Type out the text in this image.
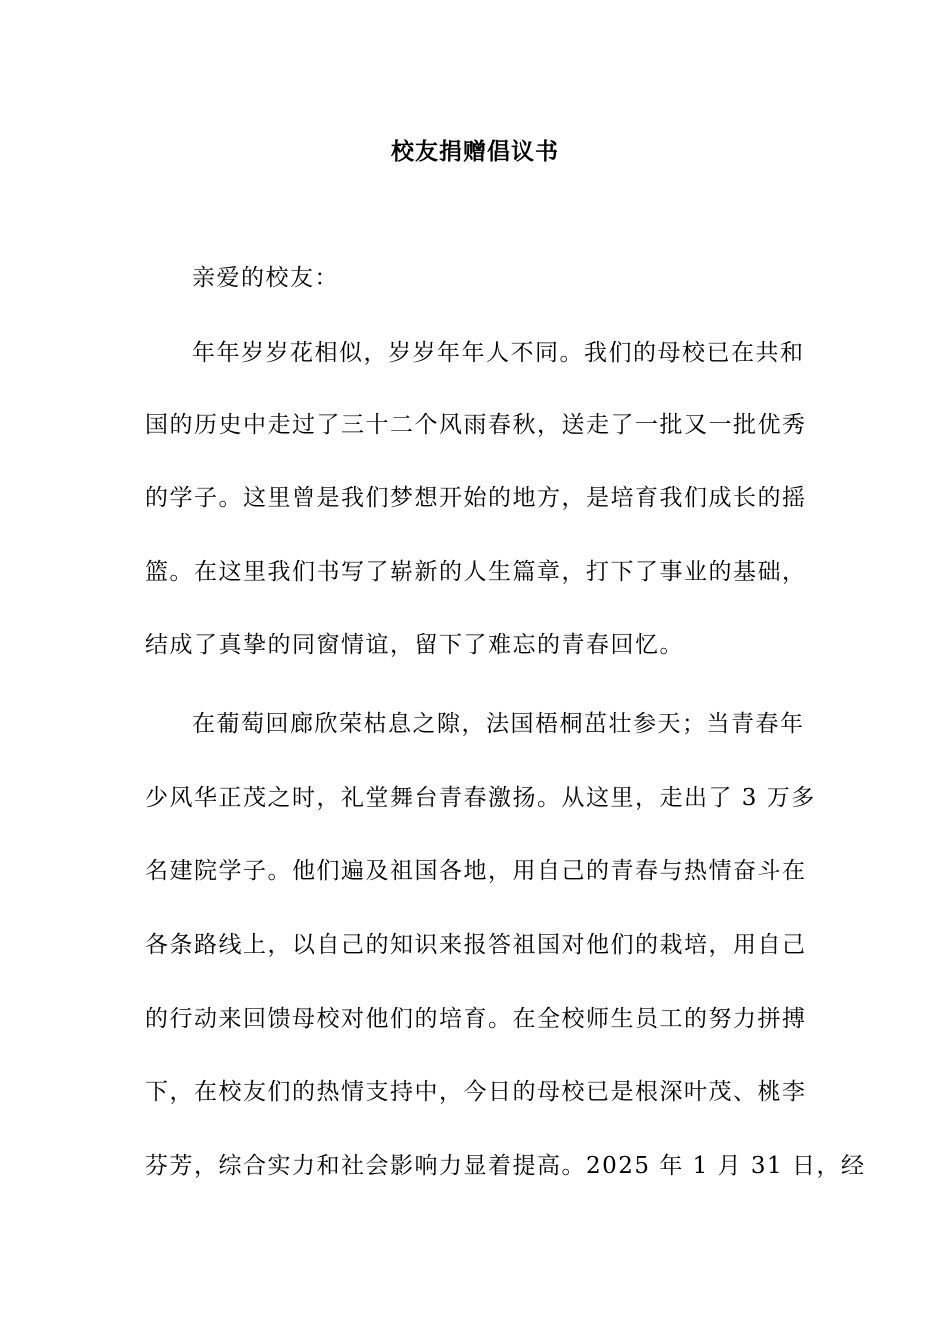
校友捐赠倡议书
亲爱的校友：
年年岁岁花相似，岁岁年年人不同。我们的母校已在共和
国的历史中走过了三十二个风雨春秋，送走了一批又一批优秀
的学子。这里曾是我们梦想开始的地方，是培育我们成长的摇
篮。在这里我们书写了崭新的人生篇章，打下了事业的基础，
结成了真挚的同窗情谊，留下了难忘的青春回忆。
在葡萄回廊欣荣枯息之隙，法国梧桐茁壮参天；当青春年
少风华正茂之时，礼堂舞台青春激扬。从这里，走出了 3 万多
名建院学子。他们遍及祖国各地，用自己的青春与热情奋斗在
各条路线上，以自己的知识来报答祖国对他们的栽培，用自己
的行动来回馈母校对他们的培育。在全校师生员工的努力拼搏
下，在校友们的热情支持中，今日的母校已是根深叶茂、桃李
芬芳，综合实力和社会影响力显着提高。2025 年 1 月 31 日，经
